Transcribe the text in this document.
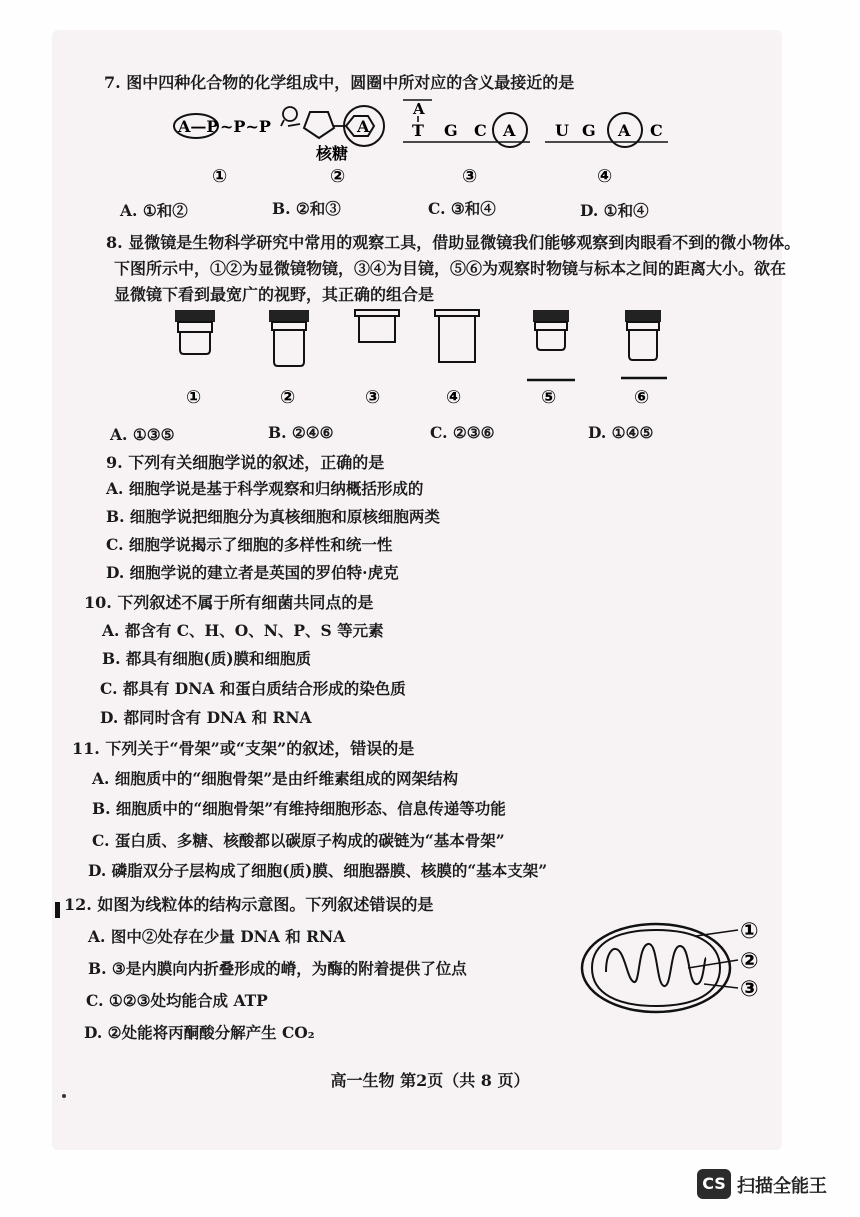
7. 图中四种化合物的化学组成中，圆圈中所对应的含义最接近的是
A—P ~P~P	A
核糖
A
T G C A U G A C
①	②	③	④
A. ①和②	B. ②和③	C. ③和④	D. ①和④
8. 显微镜是生物科学研究中常用的观察工具，借助显微镜我们能够观察到肉眼看不到的微小物体。
下图所示中，①②为显微镜物镜，③④为目镜，⑤⑥为观察时物镜与标本之间的距离大小。欲在
显微镜下看到最宽广的视野，其正确的组合是
①	②	③	④	⑤	⑥
A. ①③⑤	B. ②④⑥	C. ②③⑥	D. ①④⑤
9. 下列有关细胞学说的叙述，正确的是
A. 细胞学说是基于科学观察和归纳概括形成的
B. 细胞学说把细胞分为真核细胞和原核细胞两类
C. 细胞学说揭示了细胞的多样性和统一性
D. 细胞学说的建立者是英国的罗伯特·虎克
10. 下列叙述不属于所有细菌共同点的是
A. 都含有 C、H、O、N、P、S 等元素
B. 都具有细胞(质)膜和细胞质
C. 都具有 DNA 和蛋白质结合形成的染色质
D. 都同时含有 DNA 和 RNA
11. 下列关于“骨架”或“支架”的叙述，错误的是
A. 细胞质中的“细胞骨架”是由纤维素组成的网架结构
B. 细胞质中的“细胞骨架”有维持细胞形态、信息传递等功能
C. 蛋白质、多糖、核酸都以碳原子构成的碳链为“基本骨架”
D. 磷脂双分子层构成了细胞(质)膜、细胞器膜、核膜的“基本支架”
12. 如图为线粒体的结构示意图。下列叙述错误的是
A. 图中②处存在少量 DNA 和 RNA
B. ③是内膜向内折叠形成的嵴，为酶的附着提供了位点
C. ①②③处均能合成 ATP
D. ②处能将丙酮酸分解产生 CO₂
①
②
③
高一生物 第2页（共 8 页）
CS 扫描全能王
